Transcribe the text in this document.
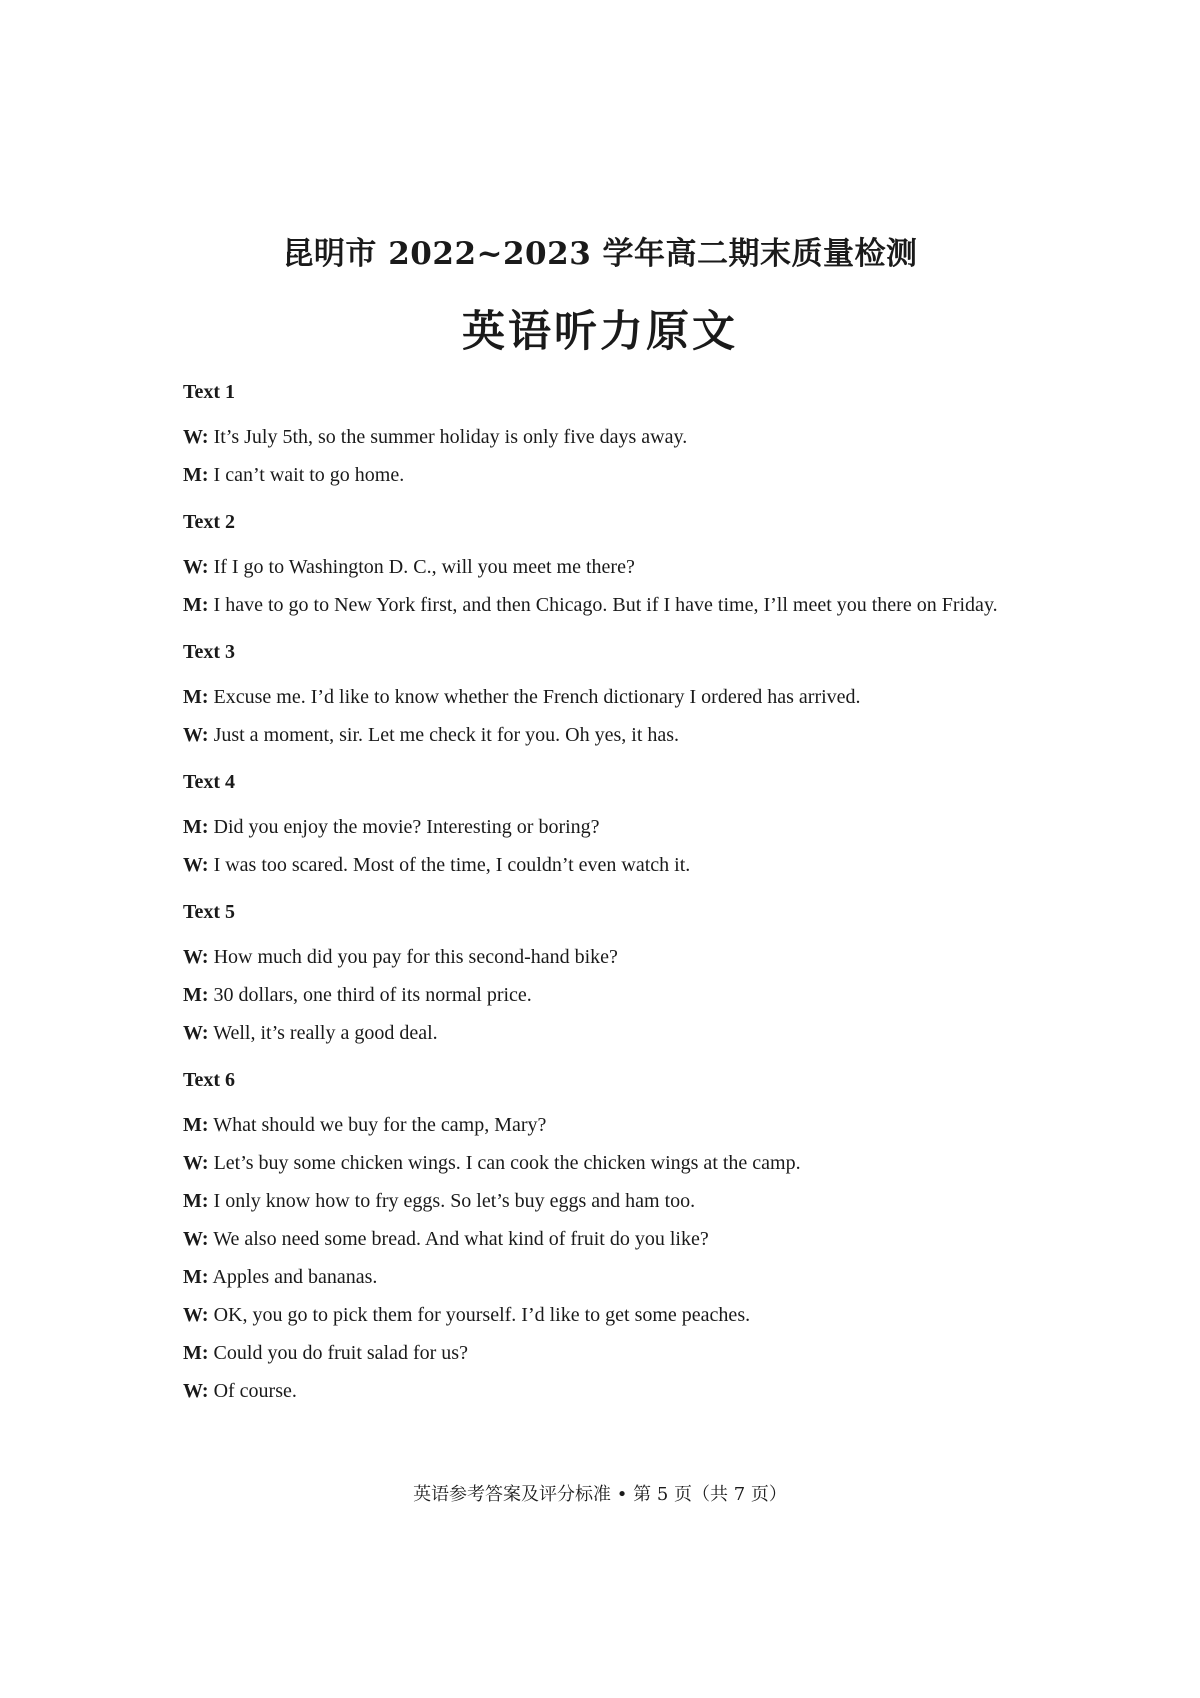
昆明市 2022~2023 学年高二期末质量检测
英语听力原文
Text 1
W: It’s July 5th, so the summer holiday is only five days away.
M: I can’t wait to go home.
Text 2
W: If I go to Washington D. C., will you meet me there?
M: I have to go to New York first, and then Chicago. But if I have time, I’ll meet you there on Friday.
Text 3
M: Excuse me. I’d like to know whether the French dictionary I ordered has arrived.
W: Just a moment, sir. Let me check it for you. Oh yes, it has.
Text 4
M: Did you enjoy the movie? Interesting or boring?
W: I was too scared. Most of the time, I couldn’t even watch it.
Text 5
W: How much did you pay for this second-hand bike?
M: 30 dollars, one third of its normal price.
W: Well, it’s really a good deal.
Text 6
M: What should we buy for the camp, Mary?
W: Let’s buy some chicken wings. I can cook the chicken wings at the camp.
M: I only know how to fry eggs. So let’s buy eggs and ham too.
W: We also need some bread. And what kind of fruit do you like?
M: Apples and bananas.
W: OK, you go to pick them for yourself. I’d like to get some peaches.
M: Could you do fruit salad for us?
W: Of course.
英语参考答案及评分标准 • 第 5 页（共 7 页）
